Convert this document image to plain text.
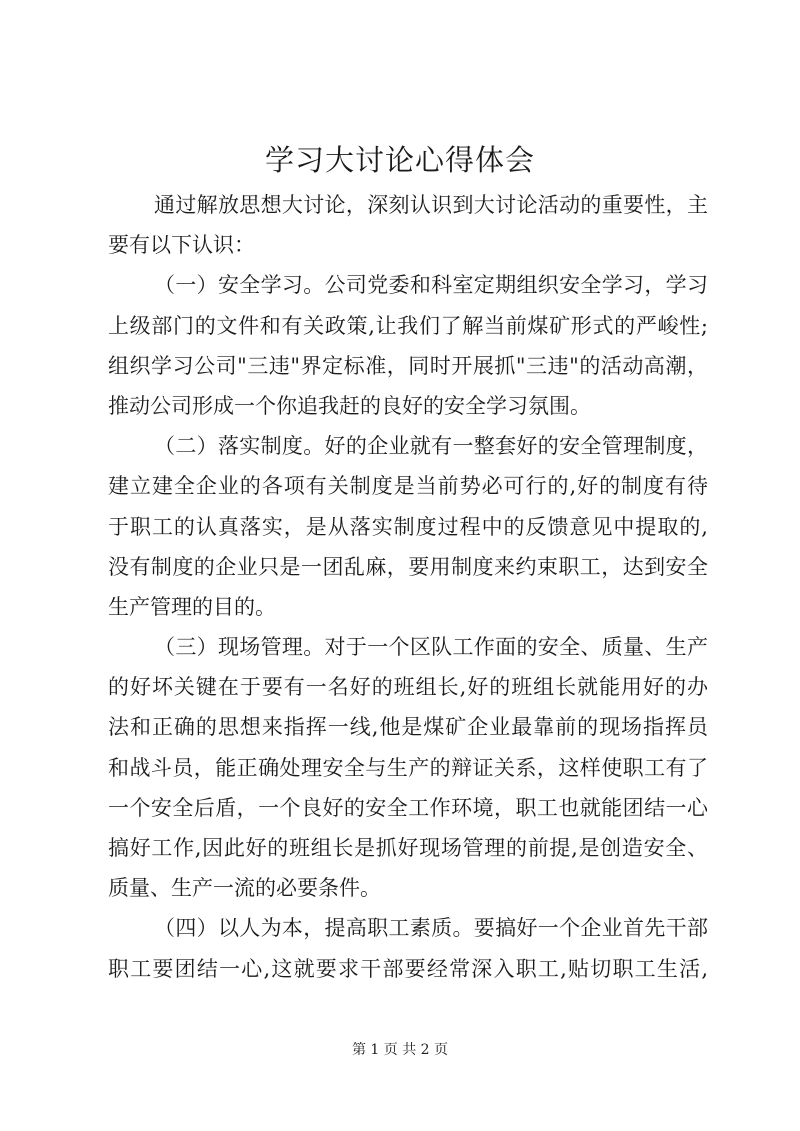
学习大讨论心得体会
通过解放思想大讨论，深刻认识到大讨论活动的重要性，主
要有以下认识：
（一）安全学习。公司党委和科室定期组织安全学习，学习
上级部门的文件和有关政策,让我们了解当前煤矿形式的严峻性;
组织学习公司"三违"界定标准，同时开展抓"三违"的活动高潮，
推动公司形成一个你追我赶的良好的安全学习氛围。
（二）落实制度。好的企业就有一整套好的安全管理制度，
建立建全企业的各项有关制度是当前势必可行的,好的制度有待
于职工的认真落实，是从落实制度过程中的反馈意见中提取的,
没有制度的企业只是一团乱麻，要用制度来约束职工，达到安全
生产管理的目的。
（三）现场管理。对于一个区队工作面的安全、质量、生产
的好坏关键在于要有一名好的班组长,好的班组长就能用好的办
法和正确的思想来指挥一线,他是煤矿企业最靠前的现场指挥员
和战斗员，能正确处理安全与生产的辩证关系，这样使职工有了
一个安全后盾，一个良好的安全工作环境，职工也就能团结一心
搞好工作,因此好的班组长是抓好现场管理的前提,是创造安全、
质量、生产一流的必要条件。
（四）以人为本，提高职工素质。要搞好一个企业首先干部
职工要团结一心,这就要求干部要经常深入职工,贴切职工生活,
第 1 页 共 2 页
